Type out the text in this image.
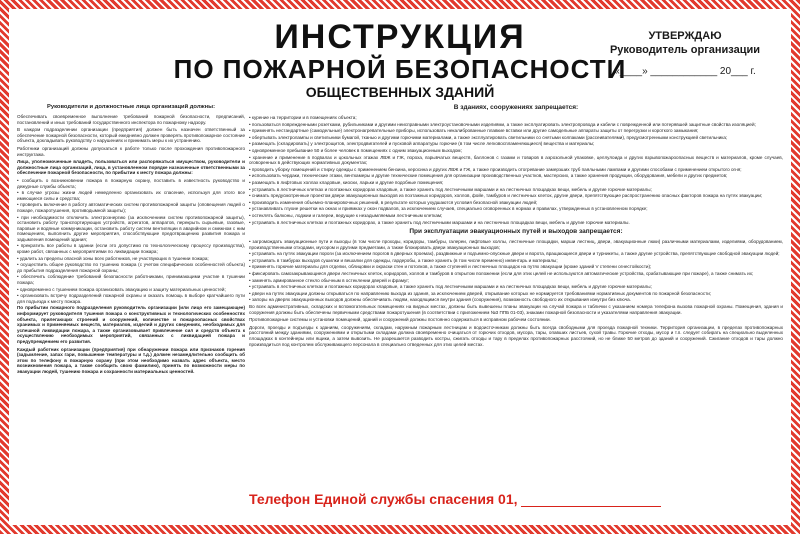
ИНСТРУКЦИЯ
ПО ПОЖАРНОЙ БЕЗОПАСНОСТИ
ОБЩЕСТВЕННЫХ ЗДАНИЙ
УТВЕРЖДАЮ
Руководитель организации
«____» ____________ 20___ г.
Руководители и должностные лица организаций должны:
Обеспечивать своевременное выполнение требований пожарной безопасности, предписаний, постановлений и иных требований государственного инспектора по пожарному надзору.
В каждом подразделении организации (предприятия) должен быть назначен ответственный за обеспечение пожарной безопасности, который ежедневно должен проверять противопожарное состояние объекта, докладывать руководству о нарушениях и принимать меры к их устранению.
Работники организаций должны допускаться к работе только после прохождения противопожарного инструктажа.
Лица, уполномоченные владеть, пользоваться или распоряжаться имуществом, руководители и должностные лица организаций, лица, в установленном порядке назначенные ответственными за обеспечение пожарной безопасности, по прибытии к месту пожара должны:
• сообщить о возникновении пожара в пожарную охрану, поставить в известность руководство и дежурные службы объекта;
• в случае угрозы жизни людей немедленно организовать их спасение, используя для этого все имеющиеся силы и средства;
• проверить включение в работу автоматических систем противопожарной защиты (оповещения людей о пожаре, пожаротушения, противодымной защиты);
• при необходимости отключить электроэнергию (за исключением систем противопожарной защиты), остановить работу транспортирующих устройств, агрегатов, аппаратов, перекрыть сырьевые, газовые, паровые и водяные коммуникации, остановить работу систем вентиляции в аварийном и смежном с ним помещениях, выполнить другие мероприятия, способствующие предотвращению развития пожара и задымления помещений здания;
• прекратить все работы в здании (если это допустимо по технологическому процессу производства), кроме работ, связанных с мероприятиями по ликвидации пожара;
• удалить за пределы опасной зоны всех работников, не участвующих в тушении пожара;
• осуществить общее руководство по тушению пожара (с учетом специфических особенностей объекта) до прибытия подразделения пожарной охраны;
• обеспечить соблюдение требований безопасности работниками, принимающими участие в тушении пожара;
• одновременно с тушением пожара организовать эвакуацию и защиту материальных ценностей;
• организовать встречу подразделений пожарной охраны и оказать помощь в выборе кратчайшего пути для подъезда к месту пожара.
По прибытии пожарного подразделения руководитель организации (или лицо его замещающее) информирует руководителя тушения пожара о конструктивных и технологических особенностях объекта, прилегающих строений и сооружений, количестве и пожароопасных свойствах хранимых и применяемых веществ, материалов, изделий и других сведениях, необходимых для успешной ликвидации пожара, а также организовывает привлечение сил и средств объекта к осуществлению необходимых мероприятий, связанных с ликвидацией пожара и предупреждением его развития.
Каждый работник организации (предприятия) при обнаружении пожара или признаков горения (задымление, запах гари, повышение температуры и т.д.) должен незамедлительно сообщить об этом по телефону в пожарную охрану (при этом необходимо назвать адрес объекта, место возникновения пожара, а также сообщить свою фамилию), принять по возможности меры по эвакуации людей, тушению пожара и сохранности материальных ценностей.
В зданиях, сооружениях запрещается:
• курение на территории и в помещениях объекта;
• пользоваться поврежденными розетками, рубильниками и другими неисправными электроустановочными изделиями, а также эксплуатировать электропровода и кабели с поврежденной или потерявшей защитные свойства изоляцией;
• применять нестандартные (самодельные) электронагревательные приборы, использовать некалиброванные плавкие вставки или другие самодельные аппараты защиты от перегрузки и короткого замыкания;
• обертывать электролампы и светильники бумагой, тканью и другими горючими материалами, а также эксплуатировать светильники со снятыми колпаками (рассеивателями), предусмотренными конструкцией светильника;
• размещать (складировать) у электрощитов, электродвигателей и пусковой аппаратуры горючие (в том числе легковоспламеняющиеся) вещества и материалы;
• одновременное пребывание 50 и более человек в помещениях с одним эвакуационным выходом;
• хранение и применение в подвалах и цокольных этажах ЛВЖ и ГЖ, пороха, взрывчатых веществ, баллонов с газами и товаров в аэрозольной упаковке, целлулоида и других взрывопожароопасных веществ и материалов, кроме случаев, оговоренных в действующих нормативных документах;
• проводить уборку помещений и стирку одежды с применением бензина, керосина и других ЛВЖ и ГЖ, а также производить отогревание замерзших труб паяльными лампами и другими способами с применением открытого огня;
• использовать чердаки, технические этажи, венткамеры и другие технические помещения для организации производственных участков, мастерских, а также хранения продукции, оборудования, мебели и других предметов;
• размещать в лифтовых холлах кладовые, киоски, ларьки и другие подобные помещения;
• устраивать в лестничных клетках и поэтажных коридорах кладовые, а также хранить под лестничными маршами и на лестничных площадках вещи, мебель и другие горючие материалы;
• снимать предусмотренные проектом двери эвакуационных выходов из поэтажных коридоров, холлов, фойе, тамбуров и лестничных клеток, другие двери, препятствующие распространению опасных факторов пожара на путях эвакуации;
• производить изменения объемно-планировочных решений, в результате которых ухудшаются условия безопасной эвакуации людей;
• устанавливать глухие решетки на окнах и приямках у окон подвалов, за исключением случаев, специально оговоренных в нормах и правилах, утвержденных в установленном порядке;
• остеклять балконы, лоджии и галереи, ведущие к незадымляемым лестничным клеткам;
• устраивать в лестничных клетках и поэтажных коридорах, а также хранить под лестничными маршами и на лестничных площадках вещи, мебель и другие горючие материалы.
При эксплуатации эвакуационных путей и выходов запрещается:
• загромождать эвакуационные пути и выходы (в том числе проходы, коридоры, тамбуры, галереи, лифтовые холлы, лестничные площадки, марши лестниц, двери, эвакуационные люки) различными материалами, изделиями, оборудованием, производственными отходами, мусором и другими предметами, а также блокировать двери эвакуационных выходов;
• устраивать на путях эвакуации пороги (за исключением порогов в дверных проемах), раздвижные и подъемно-опускные двери и ворота, вращающиеся двери и турникеты, а также другие устройства, препятствующие свободной эвакуации людей;
• устраивать в тамбурах выходов сушилки и вешалки для одежды, гардеробы, а также хранить (в том числе временно) инвентарь и материалы;
• применять горючие материалы для отделки, облицовки и окраски стен и потолков, а также ступеней и лестничных площадок на путях эвакуации (кроме зданий V степени огнестойкости);
• фиксировать самозакрывающиеся двери лестничных клеток, коридоров, холлов и тамбуров в открытом положении (если для этих целей не используются автоматические устройства, срабатывающие при пожаре), а также снимать их;
• заменять армированное стекло обычным в остеклении дверей и фрамуг;
• устраивать в лестничных клетках и поэтажных коридорах кладовые, а также хранить под лестничными маршами и на лестничных площадках вещи, мебель и другие горючие материалы;
• двери на путях эвакуации должны открываться по направлению выхода из здания, за исключением дверей, открывание которых не нормируется требованиями нормативных документов по пожарной безопасности;
• запоры на дверях эвакуационных выходов должны обеспечивать людям, находящимся внутри здания (сооружения), возможность свободного их открывания изнутри без ключа.
Во всех административных, складских и вспомогательных помещениях на видных местах, должны быть вывешены планы эвакуации на случай пожара и таблички с указанием номера телефона вызова пожарной охраны. Помещения, здания и сооружения должны быть обеспечены первичными средствами пожаротушения (в соответствии с приложением №3 ППБ 01-03), знаками пожарной безопасности и указателями направления эвакуации.
Противопожарные системы и установки помещений, зданий и сооружений должны постоянно содержаться в исправном рабочем состоянии.
Дороги, проезды и подъезды к зданиям, сооружениям, складам, наружным пожарным лестницам и водоисточникам должны быть всегда свободными для проезда пожарной техники. Территория организации, в пределах противопожарных расстояний между зданиями, сооружениями и открытыми складами должна своевременно очищаться от горючих отходов, мусора, тары, опавших листьев, сухой травы. Горючие отходы, мусор и т.п. следует собирать на специально выделенных площадках в контейнеры или ящики, а затем вывозить. Не разрешается разводить костры, сжигать отходы и тару в пределах противопожарных расстояний, но не ближе 50 метров до зданий и сооружений. Сжигание отходов и тары должно производиться под контролем обслуживающего персонала в специально отведенных для этих целей местах.
Телефон Единой службы спасения 01,
